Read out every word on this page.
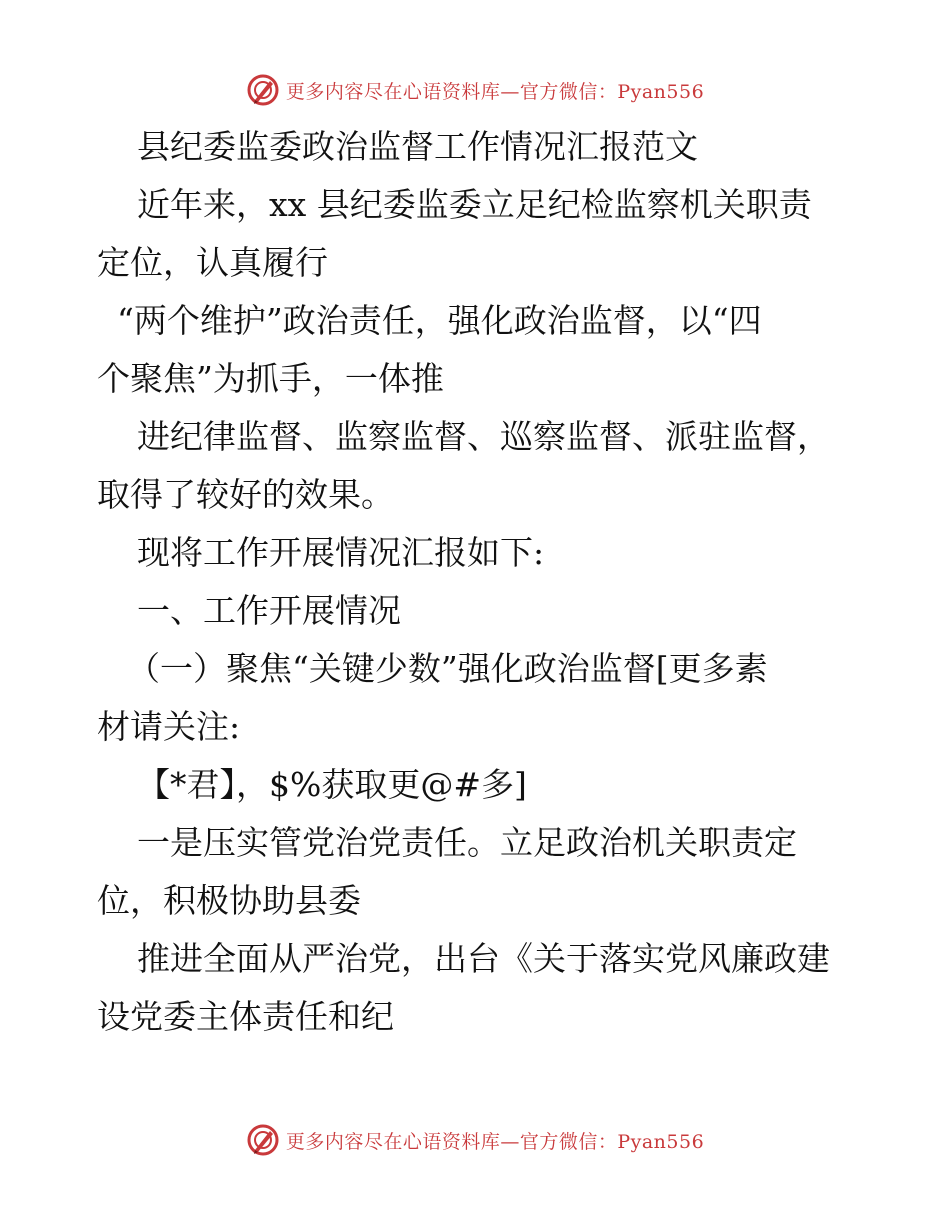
更多内容尽在心语资料库—官方微信：Pyan556
县纪委监委政治监督工作情况汇报范文
近年来，xx 县纪委监委立足纪检监察机关职责
定位，认真履行
“两个维护”政治责任，强化政治监督，以“四
个聚焦”为抓手，一体推
进纪律监督、监察监督、巡察监督、派驻监督，
取得了较好的效果。
现将工作开展情况汇报如下:
一、工作开展情况
（一）聚焦“关键少数”强化政治监督[更多素
材请关注:
【*君】，$%获取更@#多]
一是压实管党治党责任。立足政治机关职责定
位，积极协助县委
推进全面从严治党，出台《关于落实党风廉政建
设党委主体责任和纪
更多内容尽在心语资料库—官方微信：Pyan556
